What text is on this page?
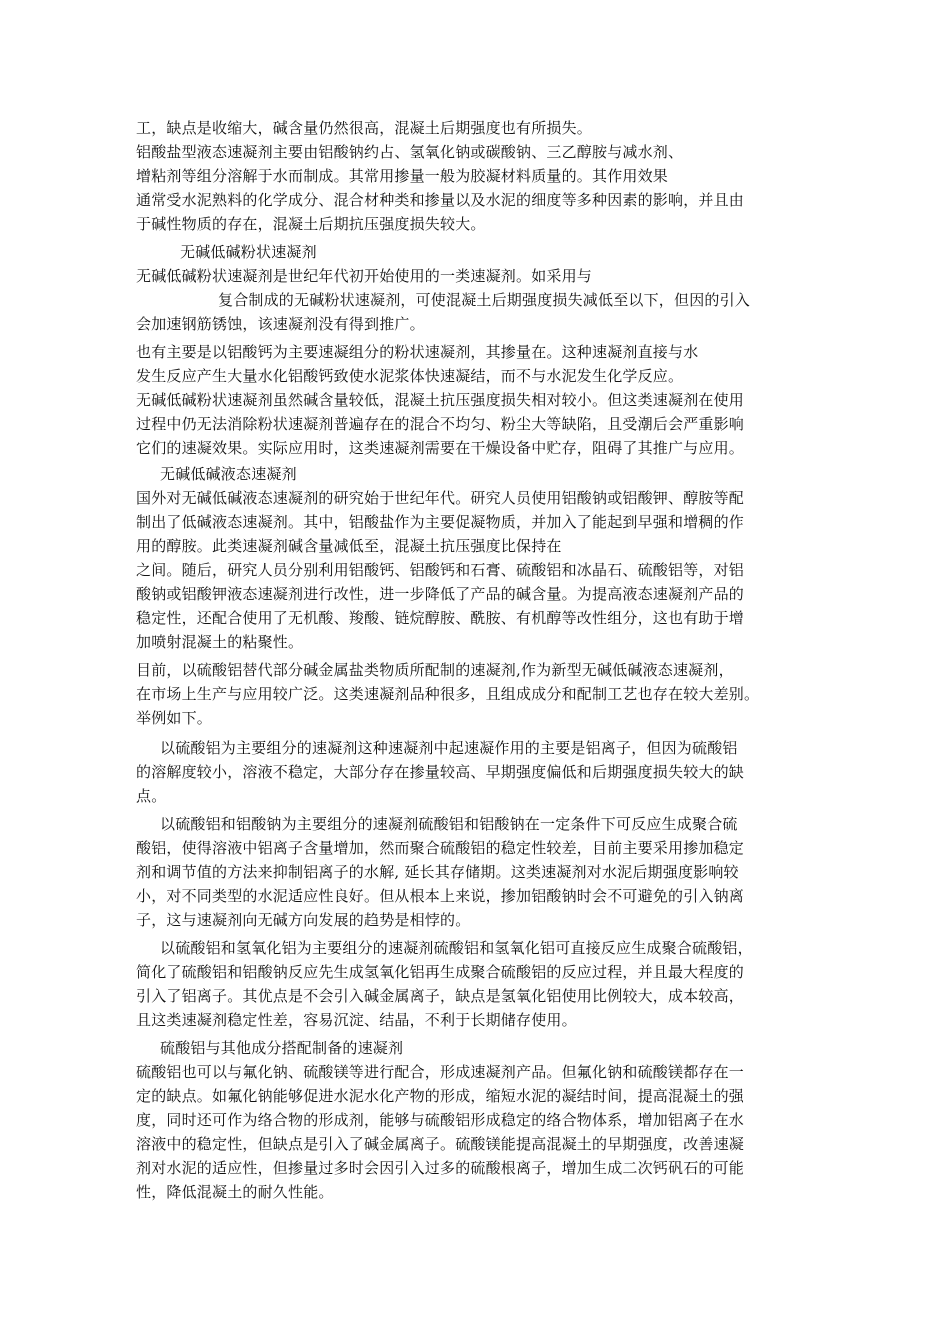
工，缺点是收缩大，碱含量仍然很高，混凝土后期强度也有所损失。
铝酸盐型液态速凝剂主要由铝酸钠约占、氢氧化钠或碳酸钠、三乙醇胺与减水剂、
增粘剂等组分溶解于水而制成。其常用掺量一般为胶凝材料质量的。其作用效果
通常受水泥熟料的化学成分、混合材种类和掺量以及水泥的细度等多种因素的影响，并且由
于碱性物质的存在，混凝土后期抗压强度损失较大。
无碱低碱粉状速凝剂
无碱低碱粉状速凝剂是世纪年代初开始使用的一类速凝剂。如采用与
复合制成的无碱粉状速凝剂，可使混凝土后期强度损失减低至以下，但因的引入
会加速钢筋锈蚀，该速凝剂没有得到推广。
也有主要是以铝酸钙为主要速凝组分的粉状速凝剂，其掺量在。这种速凝剂直接与水
发生反应产生大量水化铝酸钙致使水泥浆体快速凝结，而不与水泥发生化学反应。
无碱低碱粉状速凝剂虽然碱含量较低，混凝土抗压强度损失相对较小。但这类速凝剂在使用
过程中仍无法消除粉状速凝剂普遍存在的混合不均匀、粉尘大等缺陷，且受潮后会严重影响
它们的速凝效果。实际应用时，这类速凝剂需要在干燥设备中贮存，阻碍了其推广与应用。
无碱低碱液态速凝剂
国外对无碱低碱液态速凝剂的研究始于世纪年代。研究人员使用铝酸钠或铝酸钾、醇胺等配
制出了低碱液态速凝剂。其中，铝酸盐作为主要促凝物质，并加入了能起到早强和增稠的作
用的醇胺。此类速凝剂碱含量减低至，混凝土抗压强度比保持在
之间。随后，研究人员分别利用铝酸钙、铝酸钙和石膏、硫酸铝和冰晶石、硫酸铝等，对铝
酸钠或铝酸钾液态速凝剂进行改性，进一步降低了产品的碱含量。为提高液态速凝剂产品的
稳定性，还配合使用了无机酸、羧酸、链烷醇胺、酰胺、有机醇等改性组分，这也有助于增
加喷射混凝土的粘聚性。
目前，以硫酸铝替代部分碱金属盐类物质所配制的速凝剂,作为新型无碱低碱液态速凝剂，
在市场上生产与应用较广泛。这类速凝剂品种很多，且组成成分和配制工艺也存在较大差别。
举例如下。
以硫酸铝为主要组分的速凝剂这种速凝剂中起速凝作用的主要是铝离子，但因为硫酸铝
的溶解度较小，溶液不稳定，大部分存在掺量较高、早期强度偏低和后期强度损失较大的缺
点。
以硫酸铝和铝酸钠为主要组分的速凝剂硫酸铝和铝酸钠在一定条件下可反应生成聚合硫
酸铝，使得溶液中铝离子含量增加，然而聚合硫酸铝的稳定性较差，目前主要采用掺加稳定
剂和调节值的方法来抑制铝离子的水解, 延长其存储期。这类速凝剂对水泥后期强度影响较
小，对不同类型的水泥适应性良好。但从根本上来说，掺加铝酸钠时会不可避免的引入钠离
子，这与速凝剂向无碱方向发展的趋势是相悖的。
以硫酸铝和氢氧化铝为主要组分的速凝剂硫酸铝和氢氧化铝可直接反应生成聚合硫酸铝，
简化了硫酸铝和铝酸钠反应先生成氢氧化铝再生成聚合硫酸铝的反应过程，并且最大程度的
引入了铝离子。其优点是不会引入碱金属离子，缺点是氢氧化铝使用比例较大，成本较高，
且这类速凝剂稳定性差，容易沉淀、结晶，不利于长期储存使用。
硫酸铝与其他成分搭配制备的速凝剂
硫酸铝也可以与氟化钠、硫酸镁等进行配合，形成速凝剂产品。但氟化钠和硫酸镁都存在一
定的缺点。如氟化钠能够促进水泥水化产物的形成，缩短水泥的凝结时间，提高混凝土的强
度，同时还可作为络合物的形成剂，能够与硫酸铝形成稳定的络合物体系，增加铝离子在水
溶液中的稳定性，但缺点是引入了碱金属离子。硫酸镁能提高混凝土的早期强度，改善速凝
剂对水泥的适应性，但掺量过多时会因引入过多的硫酸根离子，增加生成二次钙矾石的可能
性，降低混凝土的耐久性能。
